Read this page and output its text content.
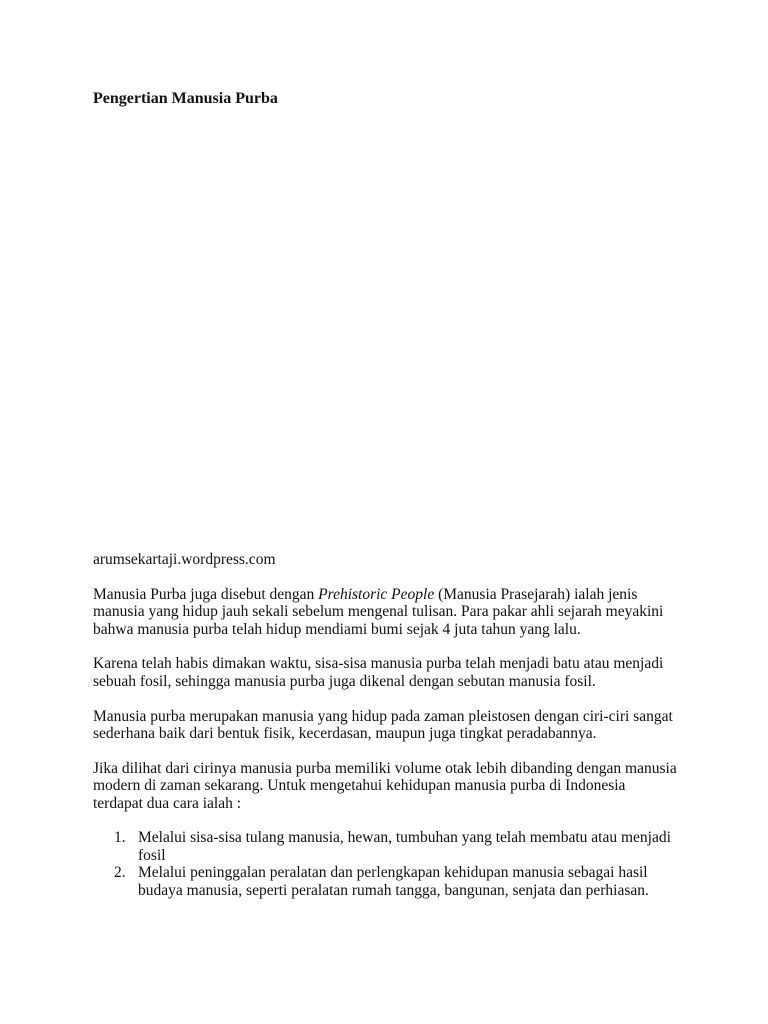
Pengertian Manusia Purba

arumsekartaji.wordpress.com

Manusia Purba juga disebut dengan Prehistoric People (Manusia Prasejarah) ialah jenis manusia yang hidup jauh sekali sebelum mengenal tulisan. Para pakar ahli sejarah meyakini bahwa manusia purba telah hidup mendiami bumi sejak 4 juta tahun yang lalu.

Karena telah habis dimakan waktu, sisa-sisa manusia purba telah menjadi batu atau menjadi sebuah fosil, sehingga manusia purba juga dikenal dengan sebutan manusia fosil.

Manusia purba merupakan manusia yang hidup pada zaman pleistosen dengan ciri-ciri sangat sederhana baik dari bentuk fisik, kecerdasan, maupun juga tingkat peradabannya.

Jika dilihat dari cirinya manusia purba memiliki volume otak lebih dibanding dengan manusia modern di zaman sekarang. Untuk mengetahui kehidupan manusia purba di Indonesia terdapat dua cara ialah :

1. Melalui sisa-sisa tulang manusia, hewan, tumbuhan yang telah membatu atau menjadi fosil
2. Melalui peninggalan peralatan dan perlengkapan kehidupan manusia sebagai hasil budaya manusia, seperti peralatan rumah tangga, bangunan, senjata dan perhiasan.
